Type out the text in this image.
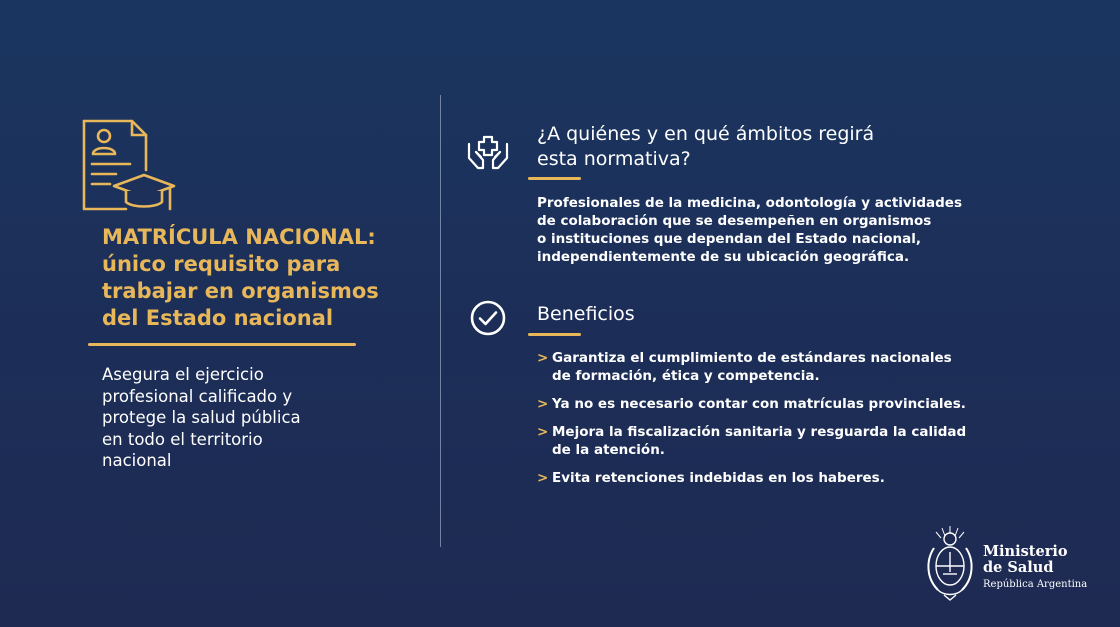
MATRÍCULA NACIONAL:
único requisito para
trabajar en organismos
del Estado nacional
Asegura el ejercicio
profesional calificado y
protege la salud pública
en todo el territorio
nacional
¿A quiénes y en qué ámbitos regirá
esta normativa?
Profesionales de la medicina, odontología y actividades
de colaboración que se desempeñen en organismos
o instituciones que dependan del Estado nacional,
independientemente de su ubicación geográfica.
Beneficios
> Garantiza el cumplimiento de estándares nacionales
de formación, ética y competencia.
> Ya no es necesario contar con matrículas provinciales.
> Mejora la fiscalización sanitaria y resguarda la calidad
de la atención.
> Evita retenciones indebidas en los haberes.
Ministerio
de Salud
República Argentina
